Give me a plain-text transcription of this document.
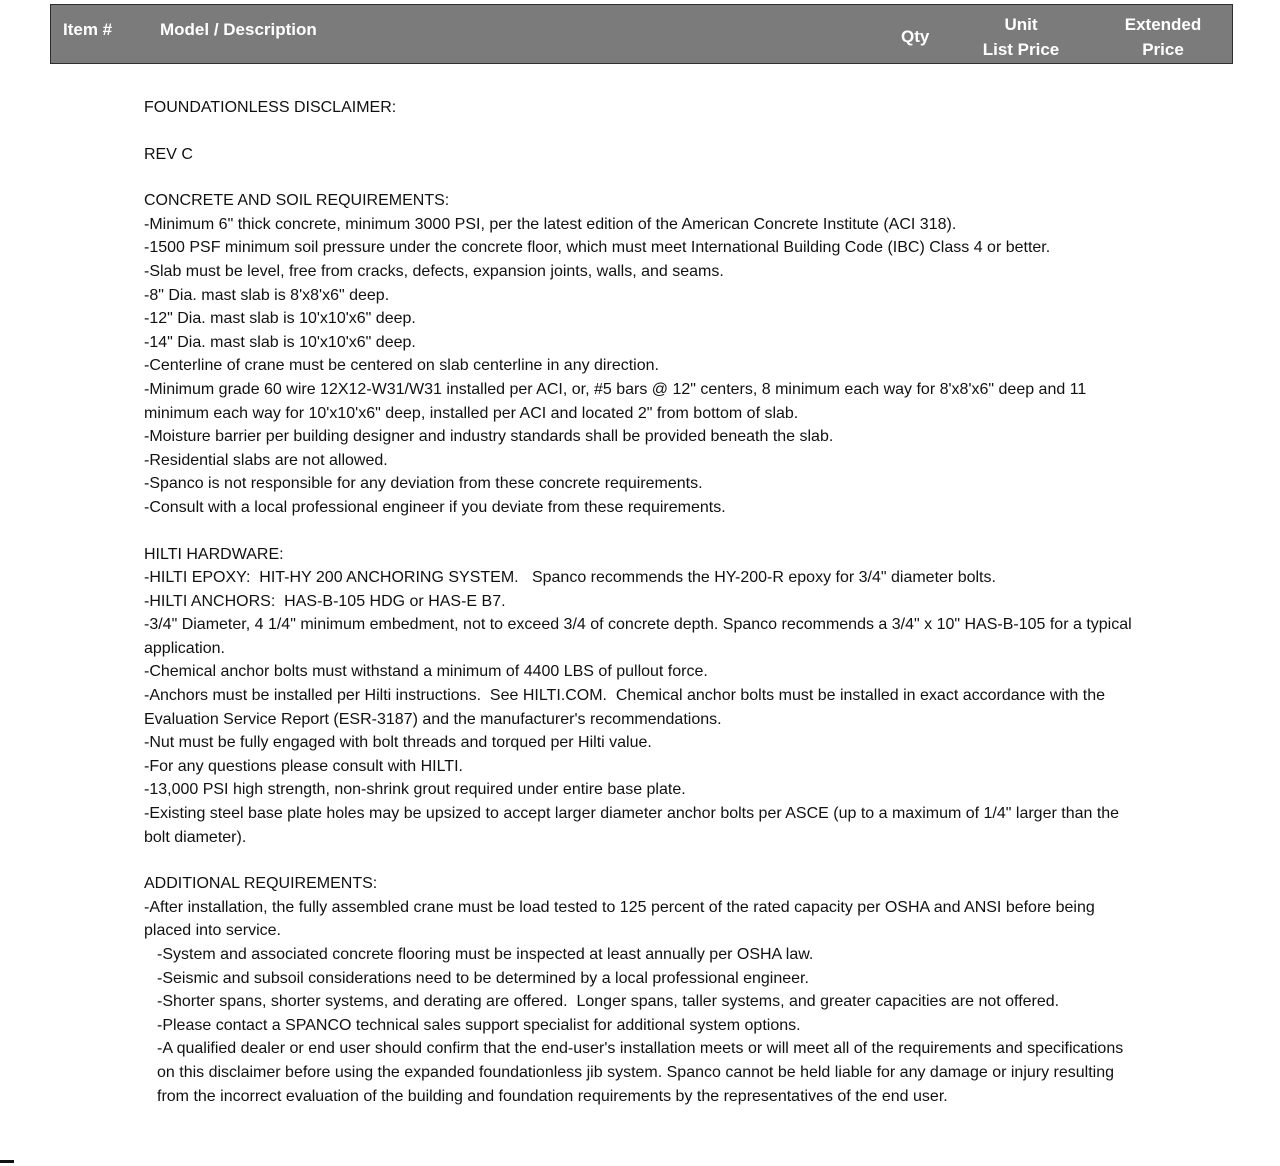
Item #	Model / Description	Qty
Unit
List Price
Extended
Price

FOUNDATIONLESS DISCLAIMER:

REV C

CONCRETE AND SOIL REQUIREMENTS:

-Minimum 6" thick concrete, minimum 3000 PSI, per the latest edition of the American Concrete Institute (ACI 318).

-1500 PSF minimum soil pressure under the concrete floor, which must meet International Building Code (IBC) Class 4 or better.

-Slab must be level, free from cracks, defects, expansion joints, walls, and seams.

-8" Dia. mast slab is 8'x8'x6" deep.

-12" Dia. mast slab is 10'x10'x6" deep.

-14" Dia. mast slab is 10'x10'x6" deep.

-Centerline of crane must be centered on slab centerline in any direction.

-Minimum grade 60 wire 12X12-W31/W31 installed per ACI, or, #5 bars @ 12" centers, 8 minimum each way for 8'x8'x6" deep and 11 minimum each way for 10'x10'x6" deep, installed per ACI and located 2" from bottom of slab.

-Moisture barrier per building designer and industry standards shall be provided beneath the slab.

-Residential slabs are not allowed.

-Spanco is not responsible for any deviation from these concrete requirements.

-Consult with a local professional engineer if you deviate from these requirements.

HILTI HARDWARE:

-HILTI EPOXY:  HIT-HY 200 ANCHORING SYSTEM.   Spanco recommends the HY-200-R epoxy for 3/4" diameter bolts.

-HILTI ANCHORS:  HAS-B-105 HDG or HAS-E B7.

-3/4" Diameter, 4 1/4" minimum embedment, not to exceed 3/4 of concrete depth. Spanco recommends a 3/4" x 10" HAS-B-105 for a typical application.

-Chemical anchor bolts must withstand a minimum of 4400 LBS of pullout force.

-Anchors must be installed per Hilti instructions.  See HILTI.COM.  Chemical anchor bolts must be installed in exact accordance with the Evaluation Service Report (ESR-3187) and the manufacturer's recommendations.

-Nut must be fully engaged with bolt threads and torqued per Hilti value.

-For any questions please consult with HILTI.

-13,000 PSI high strength, non-shrink grout required under entire base plate.

-Existing steel base plate holes may be upsized to accept larger diameter anchor bolts per ASCE (up to a maximum of 1/4" larger than the bolt diameter).

ADDITIONAL REQUIREMENTS:

-After installation, the fully assembled crane must be load tested to 125 percent of the rated capacity per OSHA and ANSI before being placed into service.

-System and associated concrete flooring must be inspected at least annually per OSHA law.

-Seismic and subsoil considerations need to be determined by a local professional engineer.

-Shorter spans, shorter systems, and derating are offered.  Longer spans, taller systems, and greater capacities are not offered.

-Please contact a SPANCO technical sales support specialist for additional system options.

-A qualified dealer or end user should confirm that the end-user's installation meets or will meet all of the requirements and specifications on this disclaimer before using the expanded foundationless jib system. Spanco cannot be held liable for any damage or injury resulting from the incorrect evaluation of the building and foundation requirements by the representatives of the end user.
